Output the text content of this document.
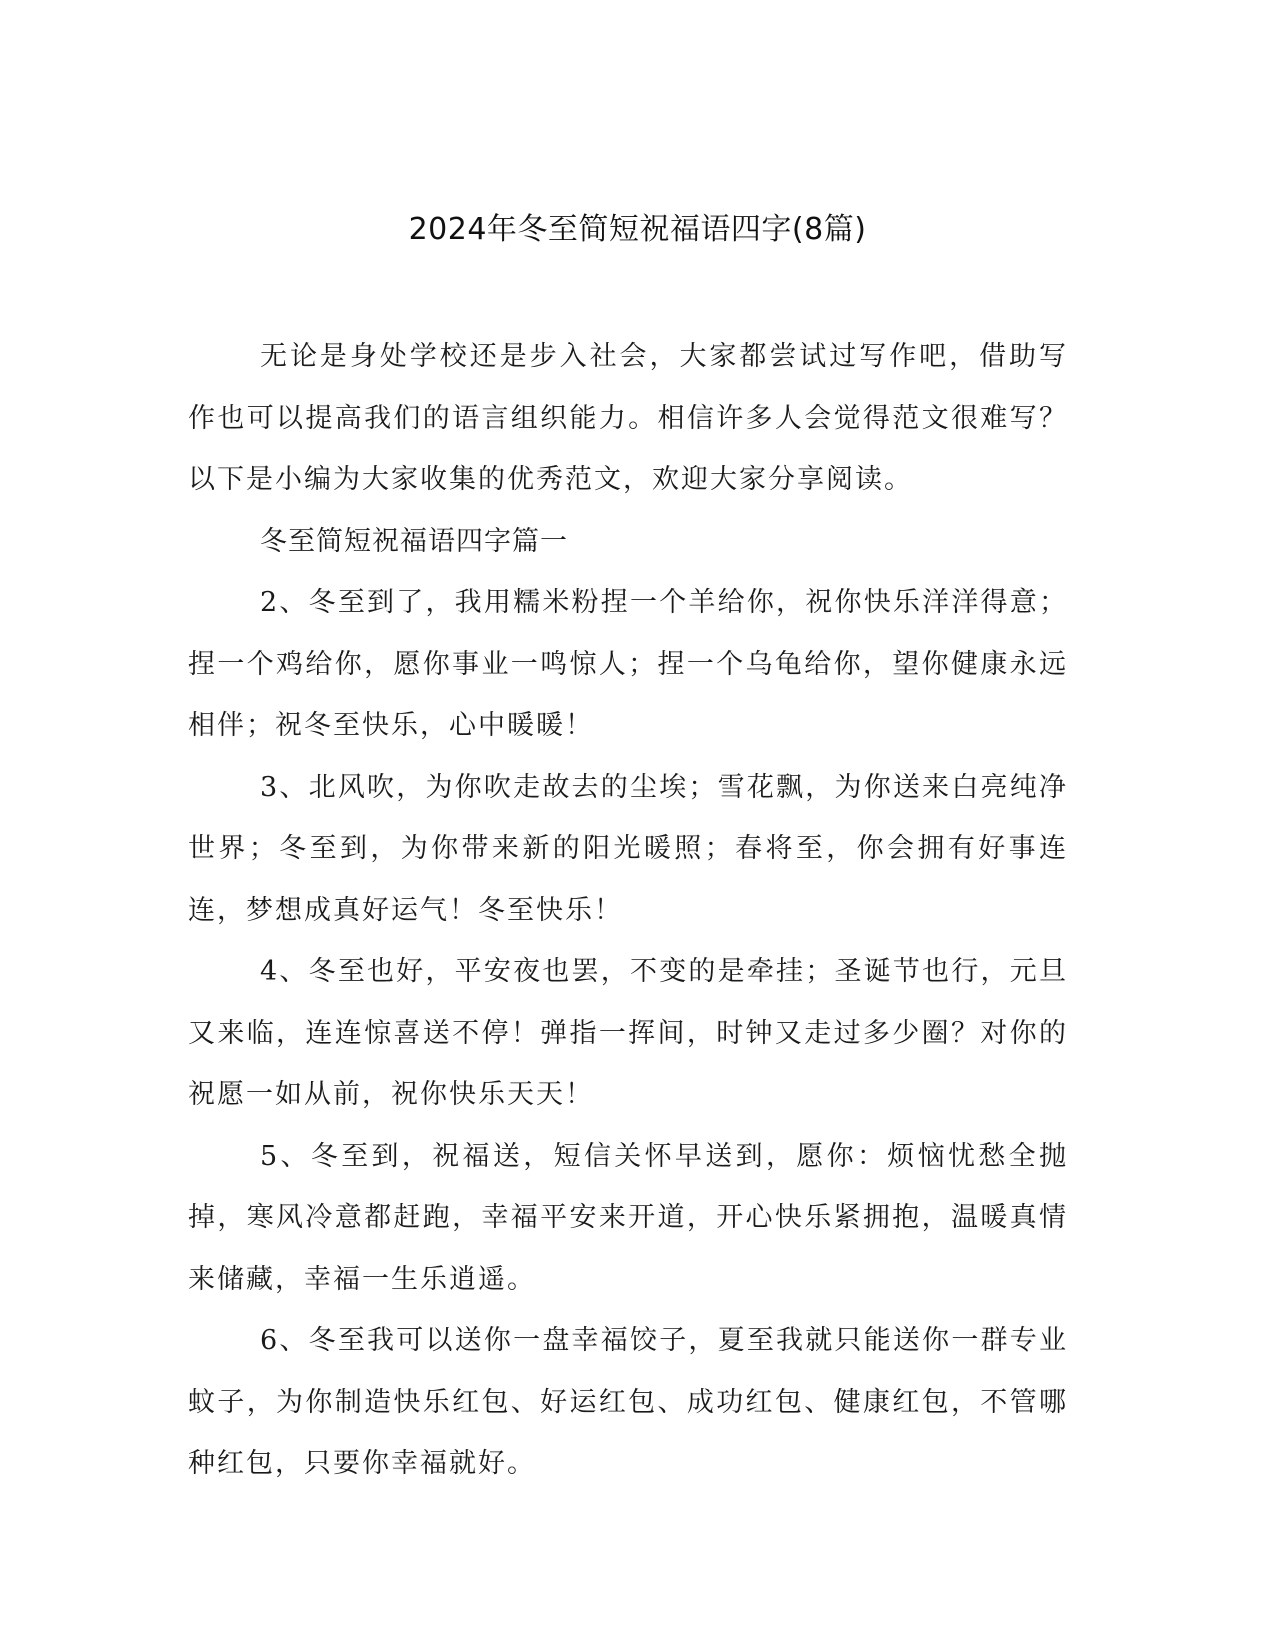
2024年冬至简短祝福语四字(8篇)

无论是身处学校还是步入社会，大家都尝试过写作吧，借助写作也可以提高我们的语言组织能力。相信许多人会觉得范文很难写？以下是小编为大家收集的优秀范文，欢迎大家分享阅读。

冬至简短祝福语四字篇一

2、冬至到了，我用糯米粉捏一个羊给你，祝你快乐洋洋得意；捏一个鸡给你，愿你事业一鸣惊人；捏一个乌龟给你，望你健康永远相伴；祝冬至快乐，心中暖暖！

3、北风吹，为你吹走故去的尘埃；雪花飘，为你送来白亮纯净世界；冬至到，为你带来新的阳光暖照；春将至，你会拥有好事连连，梦想成真好运气！冬至快乐！

4、冬至也好，平安夜也罢，不变的是牵挂；圣诞节也行，元旦又来临，连连惊喜送不停！弹指一挥间，时钟又走过多少圈？对你的祝愿一如从前，祝你快乐天天！

5、冬至到，祝福送，短信关怀早送到，愿你：烦恼忧愁全抛掉，寒风冷意都赶跑，幸福平安来开道，开心快乐紧拥抱，温暖真情来储藏，幸福一生乐逍遥。

6、冬至我可以送你一盘幸福饺子，夏至我就只能送你一群专业蚊子，为你制造快乐红包、好运红包、成功红包、健康红包，不管哪种红包，只要你幸福就好。
